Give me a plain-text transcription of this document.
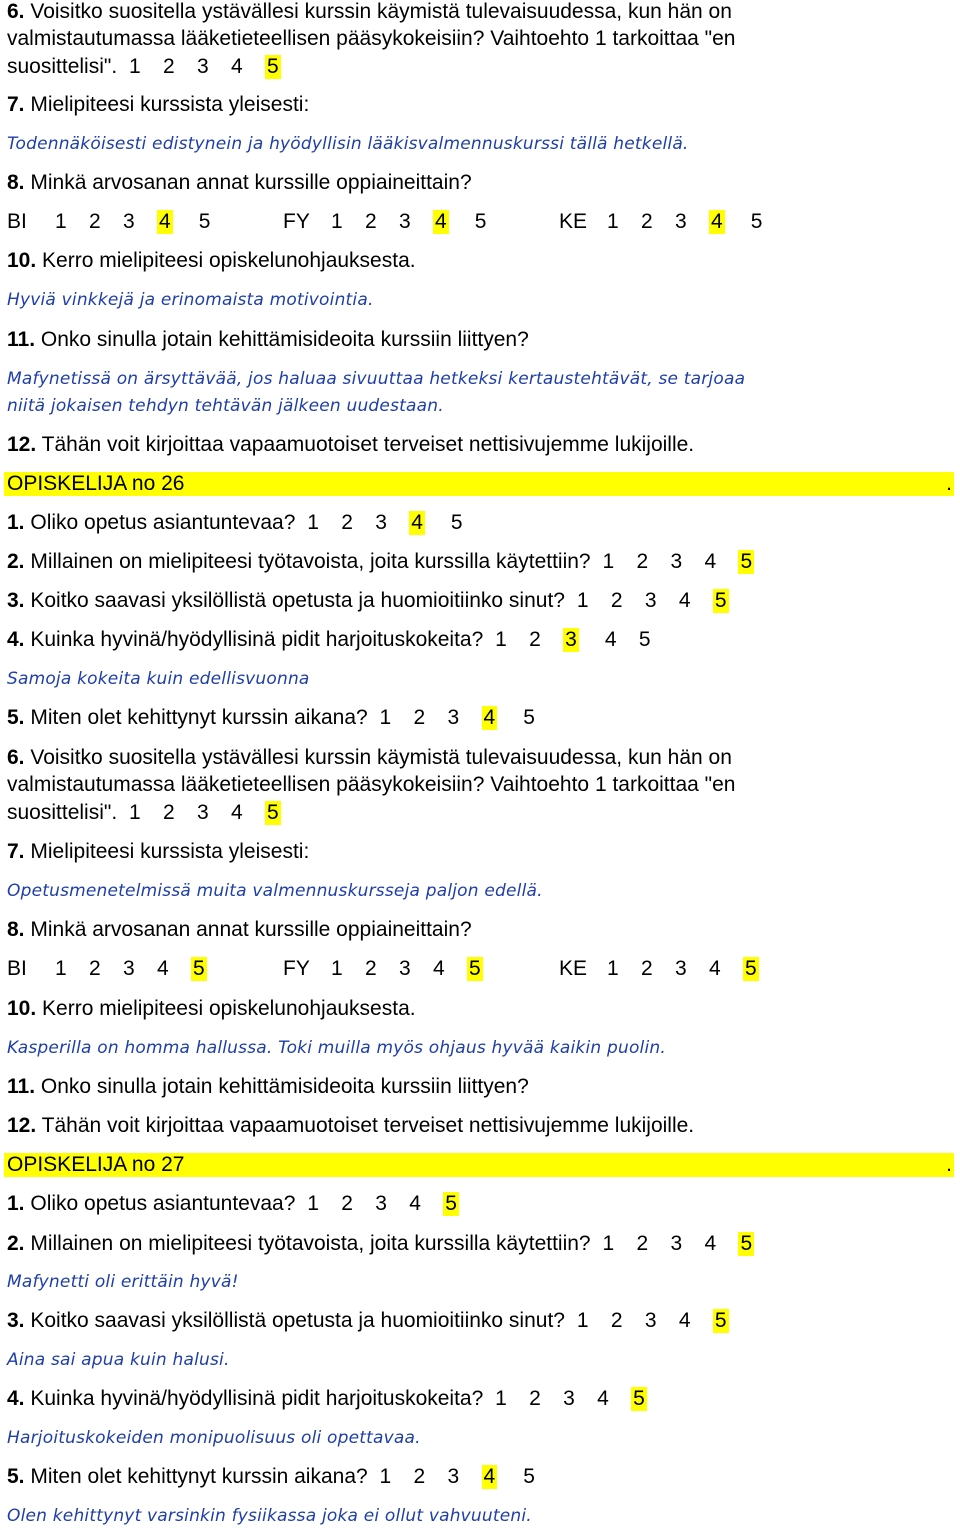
6. Voisitko suositella ystävällesi kurssin käymistä tulevaisuudessa, kun hän on
valmistautumassa lääketieteellisen pääsykokeisiin? Vaihtoehto 1 tarkoittaa "en
suosittelisi". 1 2 3 4 5
7. Mielipiteesi kurssista yleisesti:
Todennäköisesti edistynein ja hyödyllisin lääkisvalmennuskurssi tällä hetkellä.
8. Minkä arvosanan annat kurssille oppiaineittain?
BI 1 2 3 4 5	FY 1 2 3 4 5	KE 1 2 3 4 5
10. Kerro mielipiteesi opiskelunohjauksesta.
Hyviä vinkkejä ja erinomaista motivointia.
11. Onko sinulla jotain kehittämisideoita kurssiin liittyen?
Mafynetissä on ärsyttävää, jos haluaa sivuuttaa hetkeksi kertaustehtävät, se tarjoaa
niitä jokaisen tehdyn tehtävän jälkeen uudestaan.
12. Tähän voit kirjoittaa vapaamuotoiset terveiset nettisivujemme lukijoille.
OPISKELIJA no 26	.
1. Oliko opetus asiantuntevaa? 1 2 3 4 5
2. Millainen on mielipiteesi työtavoista, joita kurssilla käytettiin? 1 2 3 4 5
3. Koitko saavasi yksilöllistä opetusta ja huomioitiinko sinut? 1 2 3 4 5
4. Kuinka hyvinä/hyödyllisinä pidit harjoituskokeita? 1 2 3 4 5
Samoja kokeita kuin edellisvuonna
5. Miten olet kehittynyt kurssin aikana? 1 2 3 4 5
6. Voisitko suositella ystävällesi kurssin käymistä tulevaisuudessa, kun hän on
valmistautumassa lääketieteellisen pääsykokeisiin? Vaihtoehto 1 tarkoittaa "en
suosittelisi". 1 2 3 4 5
7. Mielipiteesi kurssista yleisesti:
Opetusmenetelmissä muita valmennuskursseja paljon edellä.
8. Minkä arvosanan annat kurssille oppiaineittain?
BI 1 2 3 4 5	FY 1 2 3 4 5	KE 1 2 3 4 5
10. Kerro mielipiteesi opiskelunohjauksesta.
Kasperilla on homma hallussa. Toki muilla myös ohjaus hyvää kaikin puolin.
11. Onko sinulla jotain kehittämisideoita kurssiin liittyen?
12. Tähän voit kirjoittaa vapaamuotoiset terveiset nettisivujemme lukijoille.
OPISKELIJA no 27	.
1. Oliko opetus asiantuntevaa? 1 2 3 4 5
2. Millainen on mielipiteesi työtavoista, joita kurssilla käytettiin? 1 2 3 4 5
Mafynetti oli erittäin hyvä!
3. Koitko saavasi yksilöllistä opetusta ja huomioitiinko sinut? 1 2 3 4 5
Aina sai apua kuin halusi.
4. Kuinka hyvinä/hyödyllisinä pidit harjoituskokeita? 1 2 3 4 5
Harjoituskokeiden monipuolisuus oli opettavaa.
5. Miten olet kehittynyt kurssin aikana? 1 2 3 4 5
Olen kehittynyt varsinkin fysiikassa joka ei ollut vahvuuteni.
